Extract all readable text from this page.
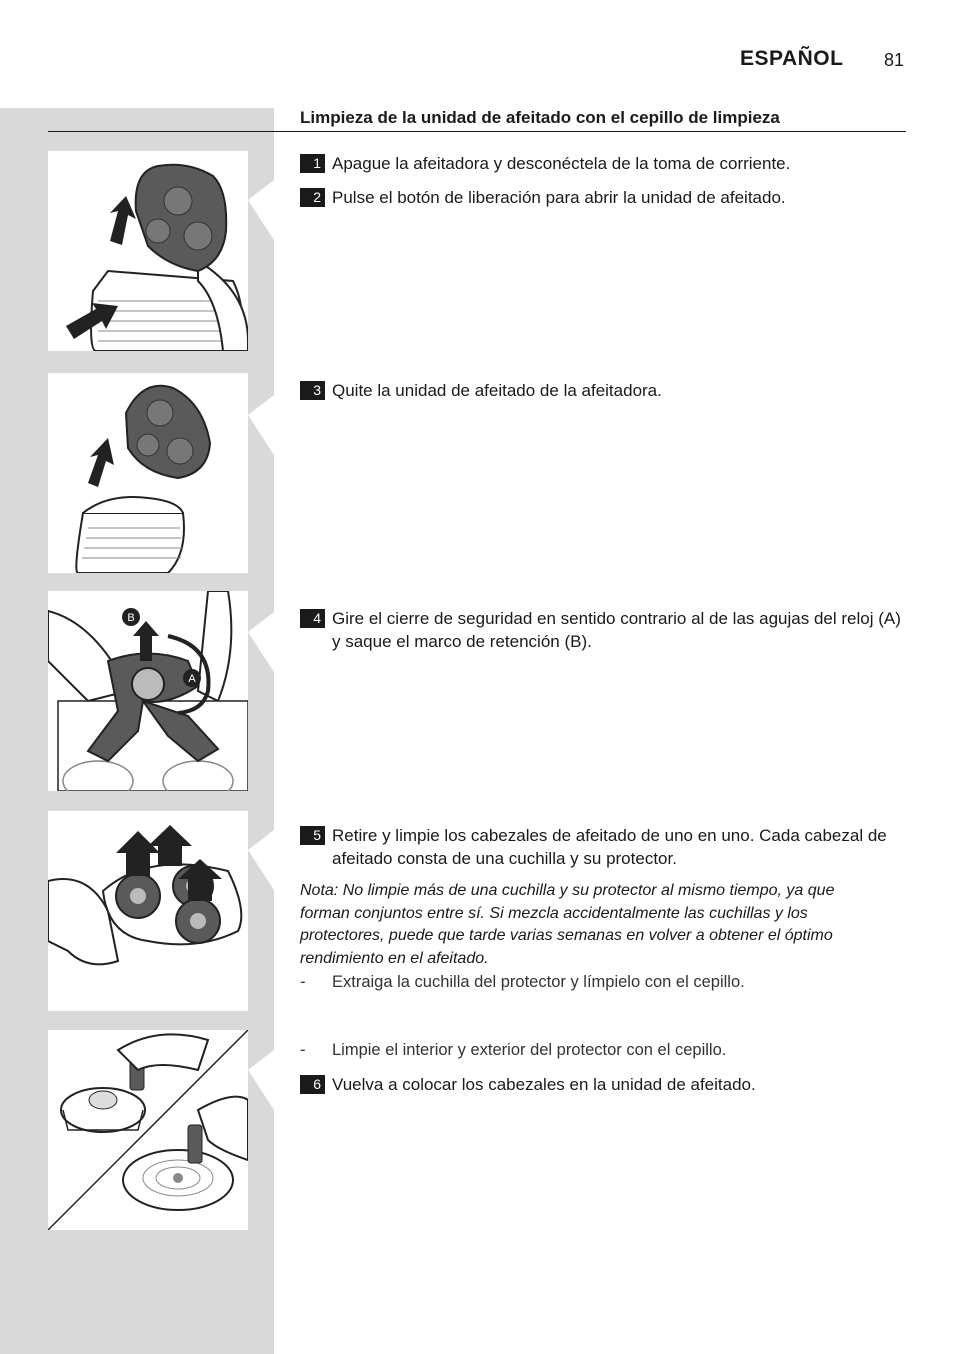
ESPAÑOL 81
Limpieza de la unidad de afeitado con el cepillo de limpieza
B
A
1 Apague la afeitadora y desconéctela de la toma de corriente.
2 Pulse el botón de liberación para abrir la unidad de afeitado.
3 Quite la unidad de afeitado de la afeitadora.
4 Gire el cierre de seguridad en sentido contrario al de las agujas del reloj (A) y saque el marco de retención (B).
5 Retire y limpie los cabezales de afeitado de uno en uno. Cada cabezal de afeitado consta de una cuchilla y su protector.
Nota: No limpie más de una cuchilla y su protector al mismo tiempo, ya que forman conjuntos entre sí. Si mezcla accidentalmente las cuchillas y los protectores, puede que tarde varias semanas en volver a obtener el óptimo rendimiento en el afeitado.
- Extraiga la cuchilla del protector y límpielo con el cepillo.
- Limpie el interior y exterior del protector con el cepillo.
6 Vuelva a colocar los cabezales en la unidad de afeitado.
